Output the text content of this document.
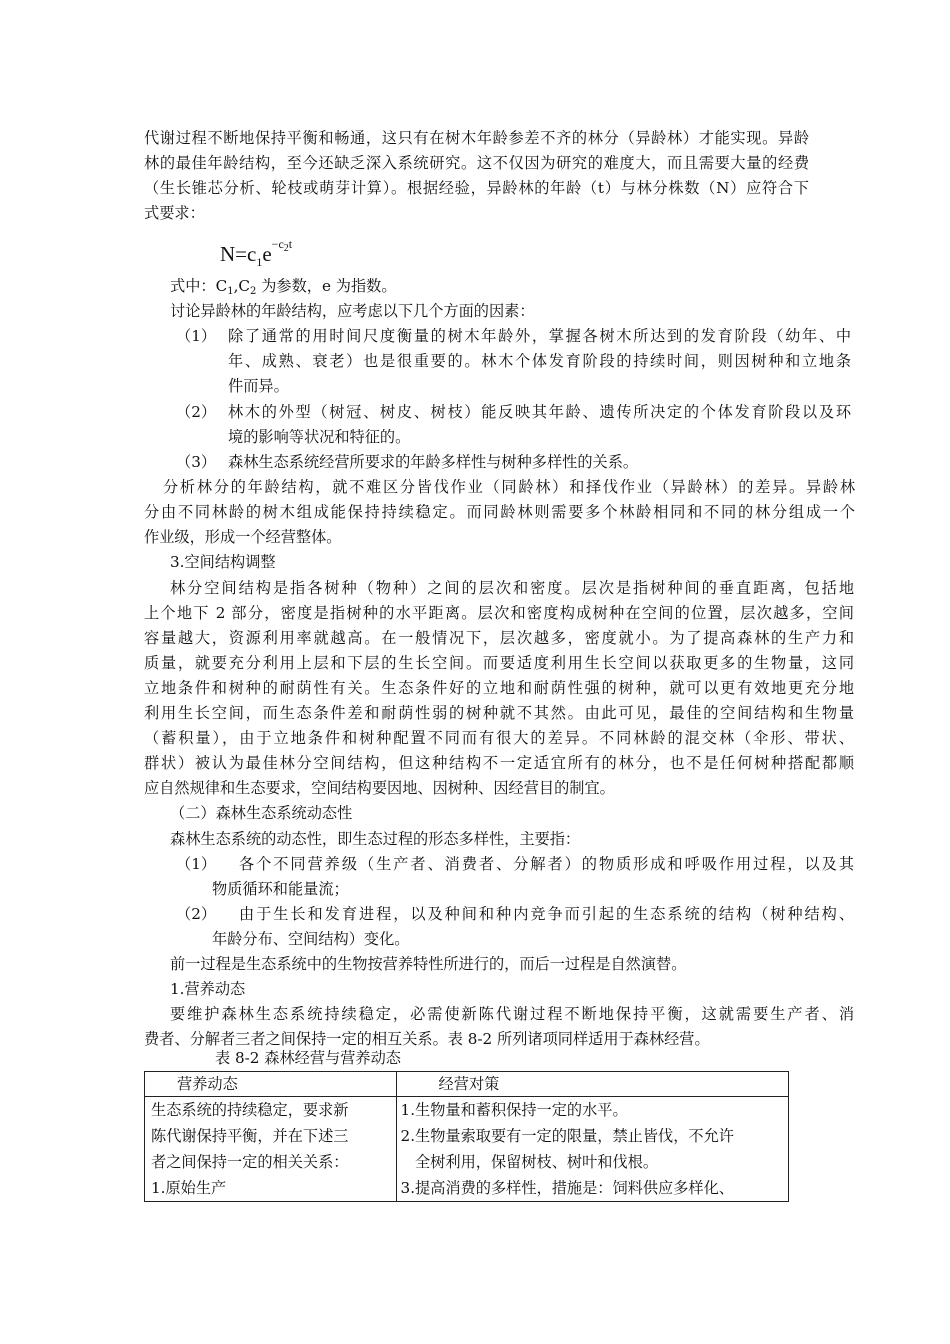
代谢过程不断地保持平衡和畅通，这只有在树木年龄参差不齐的林分（异龄林）才能实现。异龄
林的最佳年龄结构，至今还缺乏深入系统研究。这不仅因为研究的难度大，而且需要大量的经费
（生长锥芯分析、轮枝或萌芽计算）。根据经验，异龄林的年龄（t）与林分株数（N）应符合下
式要求：
$N=c_1e^{-c_2t}$
式中：C1,C2 为参数，e 为指数。
讨论异龄林的年龄结构，应考虑以下几个方面的因素：
（1） 除了通常的用时间尺度衡量的树木年龄外，掌握各树木所达到的发育阶段（幼年、中
年、成熟、衰老）也是很重要的。林木个体发育阶段的持续时间，则因树种和立地条
件而异。
（2） 林木的外型（树冠、树皮、树枝）能反映其年龄、遗传所决定的个体发育阶段以及环
境的影响等状况和特征的。
（3） 森林生态系统经营所要求的年龄多样性与树种多样性的关系。
分析林分的年龄结构，就不难区分皆伐作业（同龄林）和择伐作业（异龄林）的差异。异龄林
分由不同林龄的树木组成能保持持续稳定。而同龄林则需要多个林龄相同和不同的林分组成一个
作业级，形成一个经营整体。
3.空间结构调整
林分空间结构是指各树种（物种）之间的层次和密度。层次是指树种间的垂直距离，包括地
上个地下 2 部分，密度是指树种的水平距离。层次和密度构成树种在空间的位置，层次越多，空间
容量越大，资源利用率就越高。在一般情况下，层次越多，密度就小。为了提高森林的生产力和
质量，就要充分利用上层和下层的生长空间。而要适度利用生长空间以获取更多的生物量，这同
立地条件和树种的耐荫性有关。生态条件好的立地和耐荫性强的树种，就可以更有效地更充分地
利用生长空间，而生态条件差和耐荫性弱的树种就不其然。由此可见，最佳的空间结构和生物量
（蓄积量），由于立地条件和树种配置不同而有很大的差异。不同林龄的混交林（伞形、带状、
群状）被认为最佳林分空间结构，但这种结构不一定适宜所有的林分，也不是任何树种搭配都顺
应自然规律和生态要求，空间结构要因地、因树种、因经营目的制宜。
（二）森林生态系统动态性
森林生态系统的动态性，即生态过程的形态多样性，主要指：
（1） 各个不同营养级（生产者、消费者、分解者）的物质形成和呼吸作用过程，以及其
物质循环和能量流；
（2） 由于生长和发育进程，以及种间和种内竞争而引起的生态系统的结构（树种结构、
年龄分布、空间结构）变化。
前一过程是生态系统中的生物按营养特性所进行的，而后一过程是自然演替。
1.营养动态
要维护森林生态系统持续稳定，必需使新陈代谢过程不断地保持平衡，这就需要生产者、消
费者、分解者三者之间保持一定的相互关系。表 8-2 所列诸项同样适用于森林经营。
表 8-2 森林经营与营养动态
营养动态	经营对策

生态系统的持续稳定，要求新
陈代谢保持平衡，并在下述三
者之间保持一定的相关关系：
1.原始生产	1.生物量和蓄积保持一定的水平。
2.生物量索取要有一定的限量，禁止皆伐，不允许
全树利用，保留树枝、树叶和伐根。
3.提高消费的多样性，措施是：饲料供应多样化、
